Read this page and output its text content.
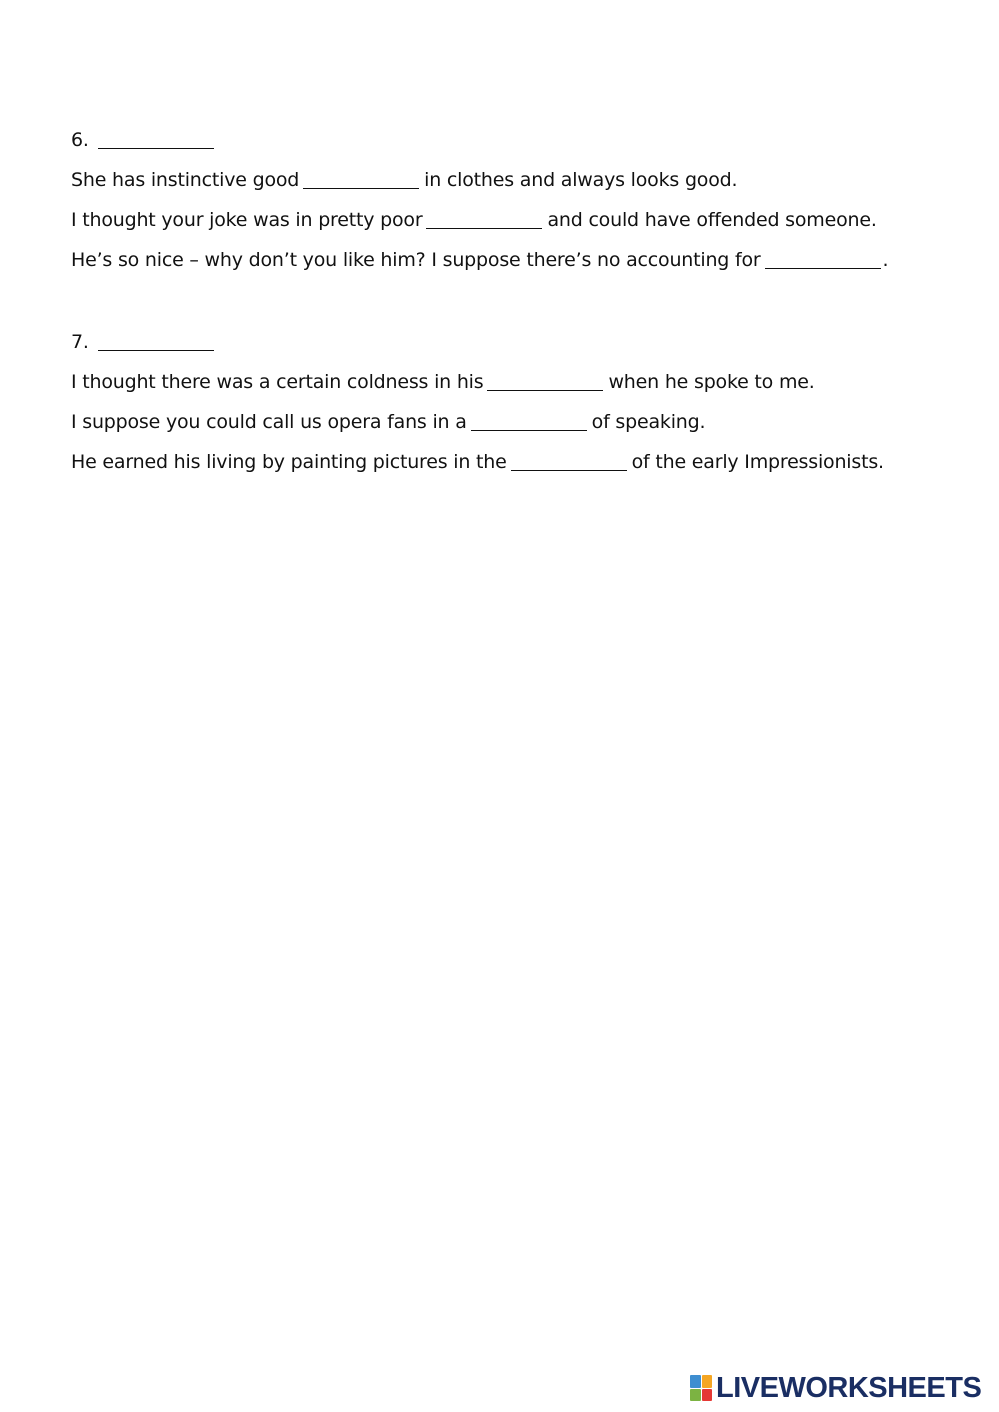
6.
She has instinctive good	in clothes and always looks good.
I thought your joke was in pretty poor	and could have offended someone.
He’s so nice – why don’t you like him? I suppose there’s no accounting for	.
7.
I thought there was a certain coldness in his	when he spoke to me.
I suppose you could call us opera fans in a	of speaking.
He earned his living by painting pictures in the	of the early Impressionists.
LIVEWORKSHEETS
